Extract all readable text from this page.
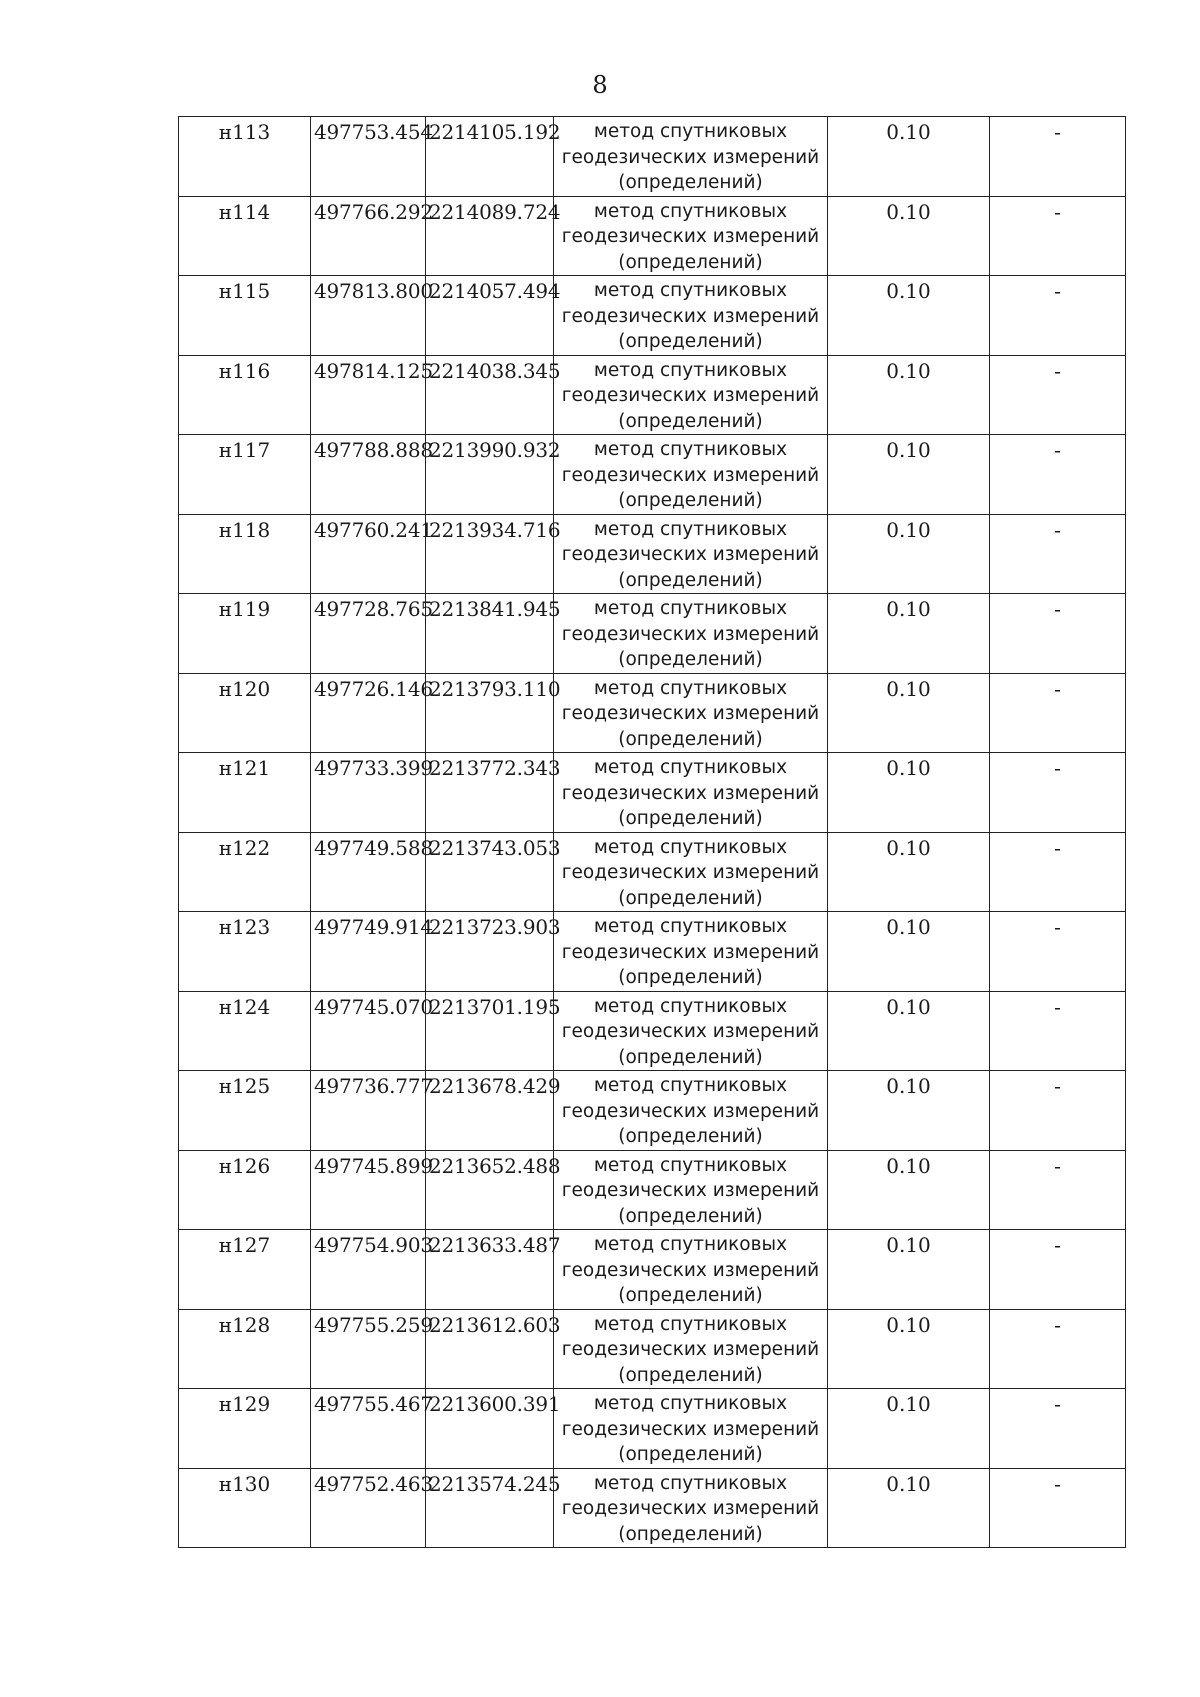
8
н113	497753.454	2214105.192	метод спутниковых
геодезических измерений
(определений)	0.10	-
н114	497766.292	2214089.724	метод спутниковых
геодезических измерений
(определений)	0.10	-
н115	497813.800	2214057.494	метод спутниковых
геодезических измерений
(определений)	0.10	-
н116	497814.125	2214038.345	метод спутниковых
геодезических измерений
(определений)	0.10	-
н117	497788.888	2213990.932	метод спутниковых
геодезических измерений
(определений)	0.10	-
н118	497760.241	2213934.716	метод спутниковых
геодезических измерений
(определений)	0.10	-
н119	497728.765	2213841.945	метод спутниковых
геодезических измерений
(определений)	0.10	-
н120	497726.146	2213793.110	метод спутниковых
геодезических измерений
(определений)	0.10	-
н121	497733.399	2213772.343	метод спутниковых
геодезических измерений
(определений)	0.10	-
н122	497749.588	2213743.053	метод спутниковых
геодезических измерений
(определений)	0.10	-
н123	497749.914	2213723.903	метод спутниковых
геодезических измерений
(определений)	0.10	-
н124	497745.070	2213701.195	метод спутниковых
геодезических измерений
(определений)	0.10	-
н125	497736.777	2213678.429	метод спутниковых
геодезических измерений
(определений)	0.10	-
н126	497745.899	2213652.488	метод спутниковых
геодезических измерений
(определений)	0.10	-
н127	497754.903	2213633.487	метод спутниковых
геодезических измерений
(определений)	0.10	-
н128	497755.259	2213612.603	метод спутниковых
геодезических измерений
(определений)	0.10	-
н129	497755.467	2213600.391	метод спутниковых
геодезических измерений
(определений)	0.10	-
н130	497752.463	2213574.245	метод спутниковых
геодезических измерений
(определений)	0.10	-
